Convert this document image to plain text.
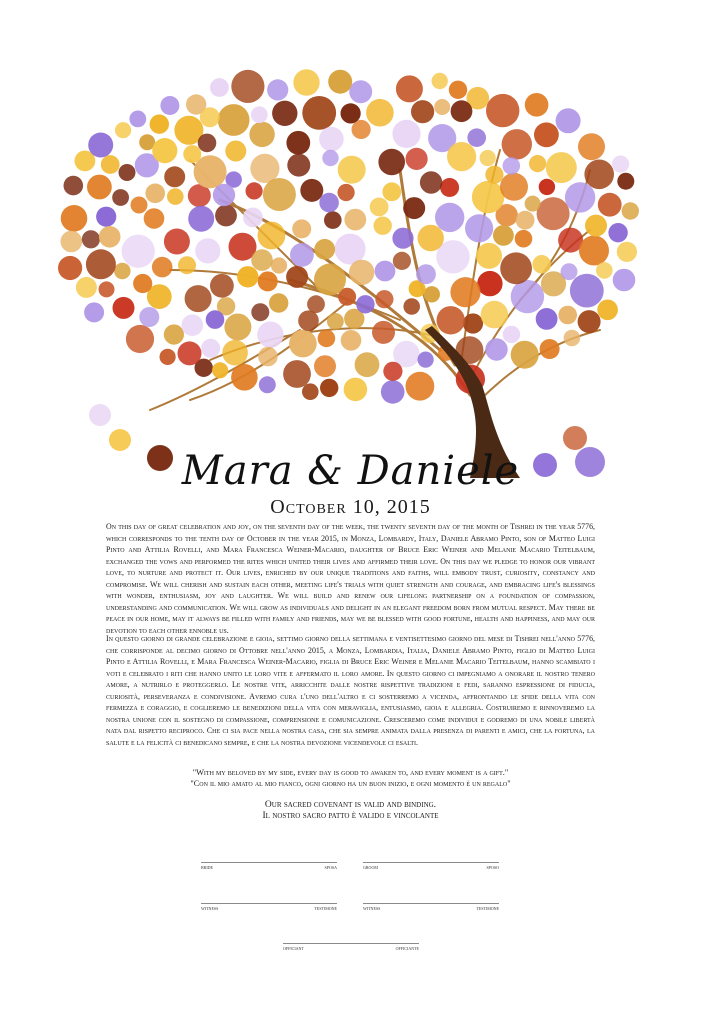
Mara & Daniele
October 10, 2015

On this day of great celebration and joy, on the seventh day of the week, the twenty seventh day of the month of Tishrei in the year 5776, which corresponds to the tenth day of October in the year 2015, in Monza, Lombardy, Italy, Daniele Abramo Pinto, son of Matteo Luigi Pinto and Attilia Rovelli, and Mara Francesca Weiner-Macario, daughter of Bruce Eric Weiner and Melanie Macario Teitelbaum, exchanged the vows and performed the rites which united their lives and affirmed their love. On this day we pledge to honor our vibrant love, to nurture and protect it. Our lives, enriched by our unique traditions and faiths, will embody trust, curiosity, constancy and compromise. We will cherish and sustain each other, meeting life's trials with quiet strength and courage, and embracing life's blessings with wonder, enthusiasm, joy and laughter. We will build and renew our lifelong partnership on a foundation of compassion, understanding and communication. We will grow as individuals and delight in an elegant freedom born from mutual respect. May there be peace in our home, may it always be filled with family and friends, may we be blessed with good fortune, health and happiness, and may our devotion to each other ennoble us.

In questo giorno di grande celebrazione e gioia, settimo giorno della settimana e ventisettesimo giorno del mese di Tishrei nell'anno 5776, che corrisponde al decimo giorno di Ottobre nell'anno 2015, a Monza, Lombardia, Italia, Daniele Abramo Pinto, figlio di Matteo Luigi Pinto e Attilia Rovelli, e Mara Francesca Weiner-Macario, figlia di Bruce Eric Weiner e Melanie Macario Teitelbaum, hanno scambiato i voti e celebrato i riti che hanno unito le loro vite e affermato il loro amore. In questo giorno ci impegniamo a onorare il nostro tenero amore, a nutrirlo e proteggerlo. Le nostre vite, arricchite dalle nostre rispettive tradizioni e fedi, saranno espressione di fiducia, curiosità, perseveranza e condivisione. Avremo cura l'uno dell'altro e ci sosterremo a vicenda, affrontando le sfide della vita con fermezza e coraggio, e coglieremo le benedizioni della vita con meraviglia, entusiasmo, gioia e allegria. Costruiremo e rinnoveremo la nostra unione con il sostegno di compassione, comprensione e comunicazione. Cresceremo come individui e godremo di una nobile libertà nata dal rispetto reciproco. Che ci sia pace nella nostra casa, che sia sempre animata dalla presenza di parenti e amici, che la fortuna, la salute e la felicità ci benedicano sempre, e che la nostra devozione vicendevole ci esalti.

"With my beloved by my side, every day is good to awaken to, and every moment is a gift."
"Con il mio amato al mio fianco, ogni giorno ha un buon inizio, e ogni momento è un regalo"
Our sacred covenant is valid and binding.
Il nostro sacro patto è valido e vincolante
bride	sposa	groom	sposo
witness	testimone	witness	testimone
officiant	officiante
